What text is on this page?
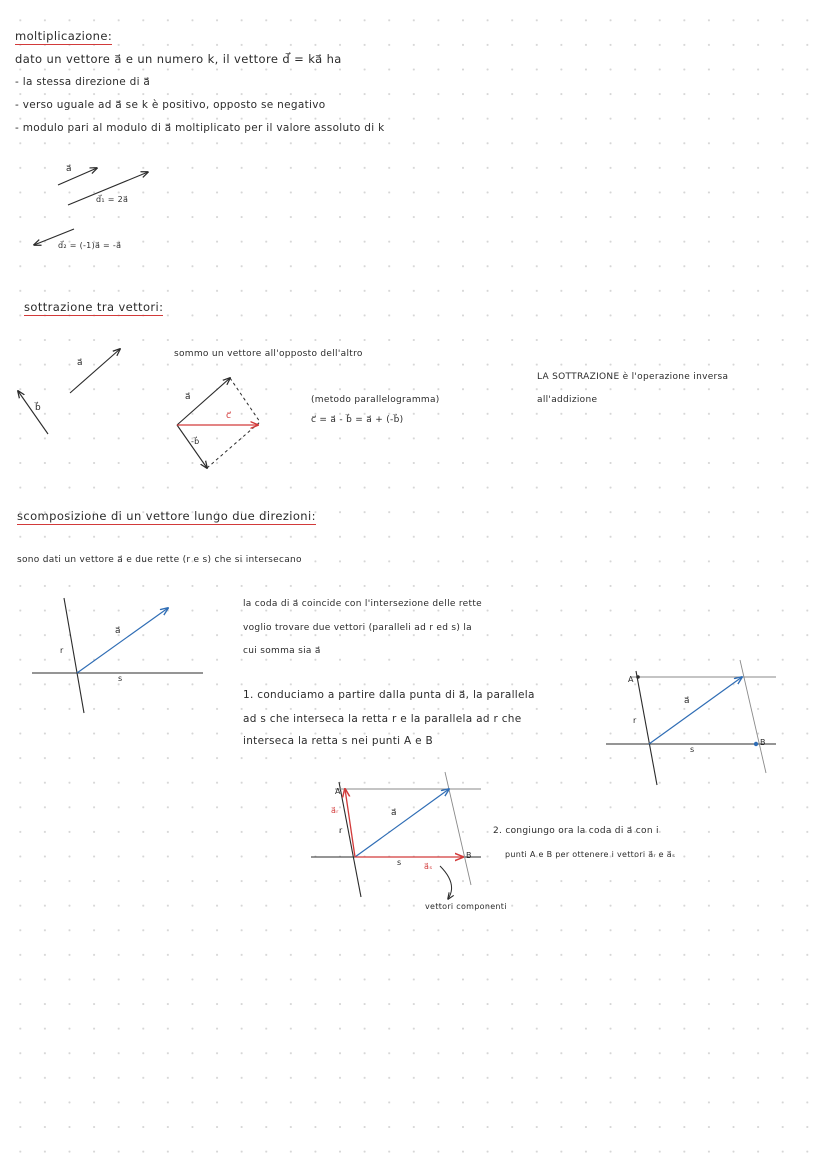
moltiplicazione:
dato un vettore a⃗ e un numero k, il vettore d⃗ = ka⃗ ha
- la stessa direzione di a⃗
- verso uguale ad a⃗ se k è positivo, opposto se negativo
- modulo pari al modulo di a⃗ moltiplicato per il valore assoluto di k
a⃗
d⃗₁ = 2a⃗
d⃗₂ = (-1)a⃗ = -a⃗
sottrazione tra vettori:
sommo un vettore all'opposto dell'altro
(metodo parallelogramma)
c⃗ = a⃗ - b⃗ = a⃗ + (-b⃗)
LA SOTTRAZIONE è l'operazione inversa
all'addizione
a⃗
b⃗
a⃗
c⃗
-b⃗
scomposizione di un vettore lungo due direzioni:
sono dati un vettore a⃗ e due rette (r e s) che si intersecano
la coda di a⃗ coincide con l'intersezione delle rette
voglio trovare due vettori (paralleli ad r ed s) la
cui somma sia a⃗
1. conduciamo a partire dalla punta di a⃗, la parallela
ad s che interseca la retta r e la parallela ad r che
interseca la retta s nei punti A e B
2. congiungo ora la coda di a⃗ con i
punti A e B per ottenere i vettori a⃗ᵣ e a⃗ₛ
vettori componenti
a⃗
r
s
a⃗
r
s
A
B
a⃗
r
s
A
B
a⃗ᵣ
a⃗ₛ
